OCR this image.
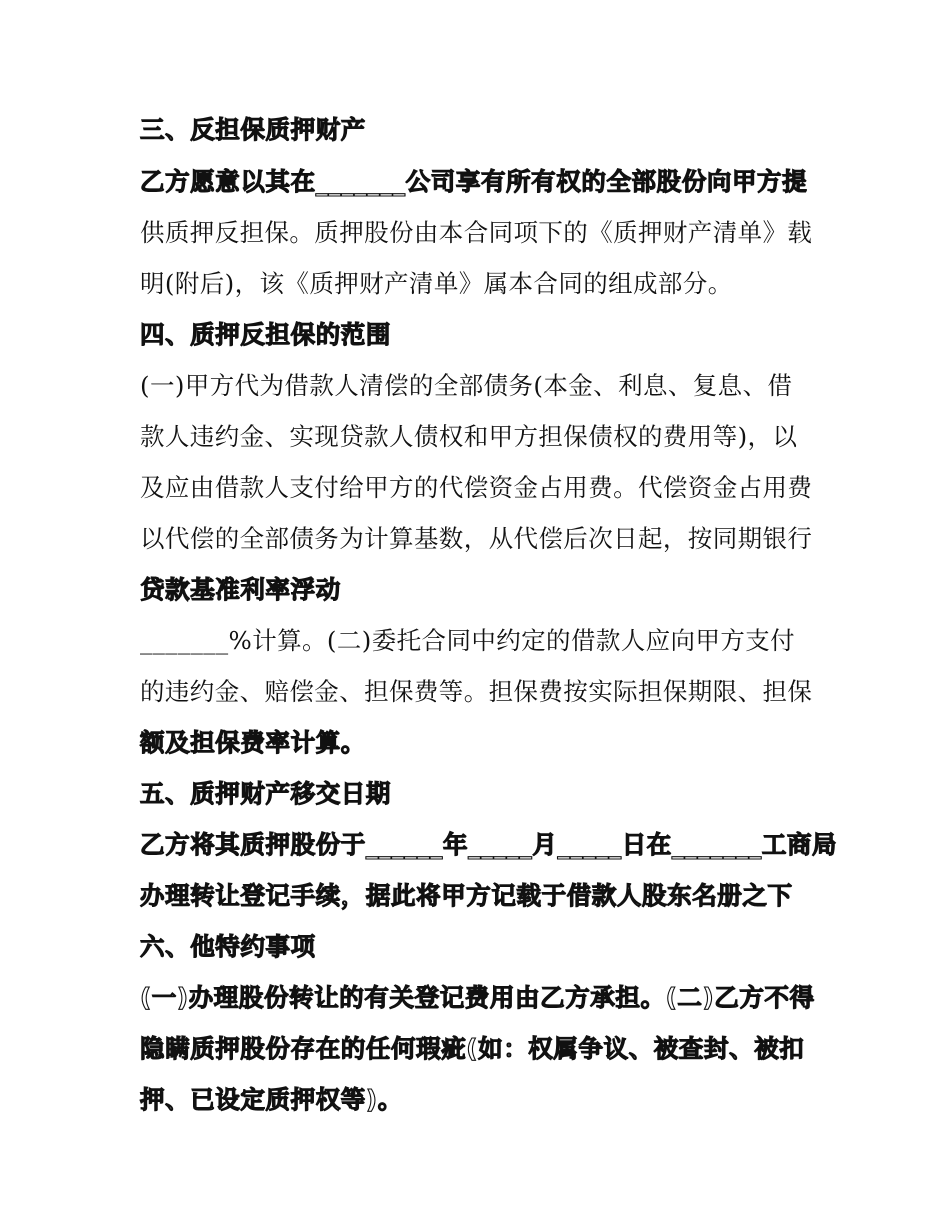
三、反担保质押财产
乙方愿意以其在_______公司享有所有权的全部股份向甲方提
供质押反担保。质押股份由本合同项下的《质押财产清单》载
明(附后)，该《质押财产清单》属本合同的组成部分。
四、质押反担保的范围
(一)甲方代为借款人清偿的全部债务(本金、利息、复息、借
款人违约金、实现贷款人债权和甲方担保债权的费用等)，以
及应由借款人支付给甲方的代偿资金占用费。代偿资金占用费
以代偿的全部债务为计算基数，从代偿后次日起，按同期银行
贷款基准利率浮动
_______%计算。(二)委托合同中约定的借款人应向甲方支付
的违约金、赔偿金、担保费等。担保费按实际担保期限、担保
额及担保费率计算。
五、质押财产移交日期
乙方将其质押股份于______年_____月_____日在_______工商局
办理转让登记手续，据此将甲方记载于借款人股东名册之下
六、他特约事项
(一)办理股份转让的有关登记费用由乙方承担。(二)乙方不得
隐瞒质押股份存在的任何瑕疵(如：权属争议、被查封、被扣
押、已设定质押权等)。
